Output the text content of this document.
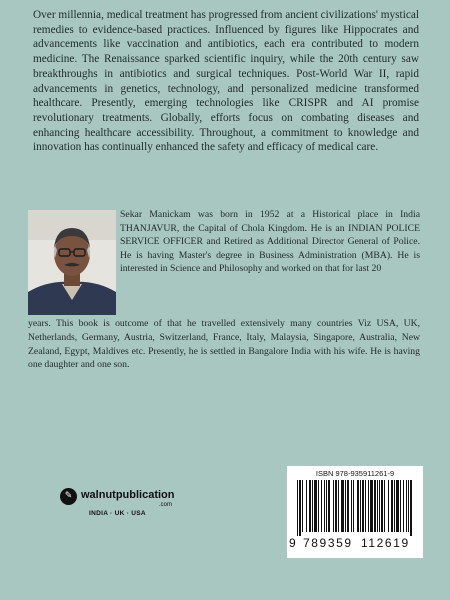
Over millennia, medical treatment has progressed from ancient civilizations' mystical remedies to evidence-based practices. Influenced by figures like Hippocrates and advancements like vaccination and antibiotics, each era contributed to modern medicine. The Renaissance sparked scientific inquiry, while the 20th century saw breakthroughs in antibiotics and surgical techniques. Post-World War II, rapid advancements in genetics, technology, and personalized medicine transformed healthcare. Presently, emerging technologies like CRISPR and AI promise revolutionary treatments. Globally, efforts focus on combating diseases and enhancing healthcare accessibility. Throughout, a commitment to knowledge and innovation has continually enhanced the safety and efficacy of medical care.

Sekar Manickam was born in 1952 at a Historical place in India THANJAVUR, the Capital of Chola Kingdom. He is an INDIAN POLICE SERVICE OFFICER and Retired as Additional Director General of Police. He is having Master's degree in Business Administration (MBA). He is interested in Science and Philosophy and worked on that for last 20

years. This book is outcome of that he travelled extensively many countries Viz USA, UK, Netherlands, Germany, Austria, Switzerland, France, Italy, Malaysia, Singapore, Australia, New Zealand, Egypt, Maldives etc. Presently, he is settled in Bangalore India with his wife. He is having one daughter and one son.

✎ walnutpublication
.com
INDIA · UK · USA
ISBN 978-935911261-9
9 789359 112619
